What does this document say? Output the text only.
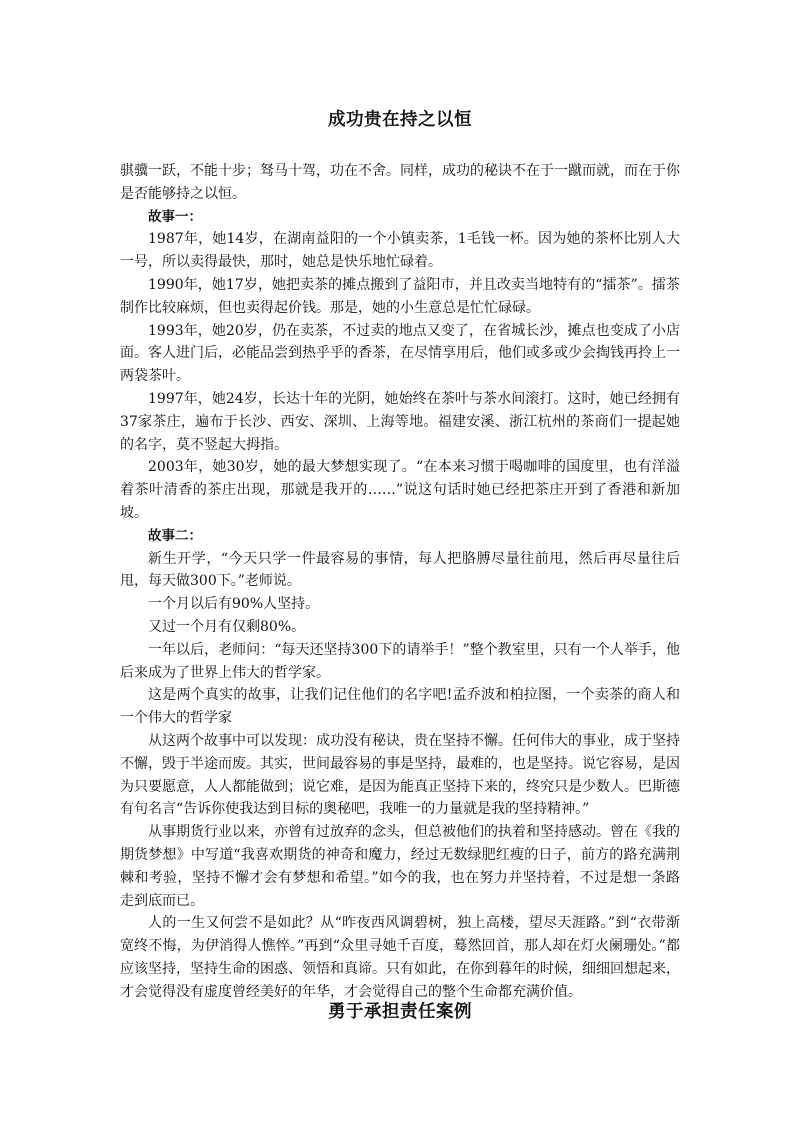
成功贵在持之以恒

骐骥一跃，不能十步；驽马十驾，功在不舍。同样，成功的秘诀不在于一蹴而就，而在于你是否能够持之以恒。

故事一：

1987年，她14岁，在湖南益阳的一个小镇卖茶，1毛钱一杯。因为她的茶杯比别人大一号，所以卖得最快，那时，她总是快乐地忙碌着。

1990年，她17岁，她把卖茶的摊点搬到了益阳市，并且改卖当地特有的“擂茶”。擂茶制作比较麻烦，但也卖得起价钱。那是，她的小生意总是忙忙碌碌。

1993年，她20岁，仍在卖茶，不过卖的地点又变了，在省城长沙，摊点也变成了小店面。客人进门后，必能品尝到热乎乎的香茶，在尽情享用后，他们或多或少会掏钱再拎上一两袋茶叶。

1997年，她24岁，长达十年的光阴，她始终在茶叶与茶水间滚打。这时，她已经拥有37家茶庄，遍布于长沙、西安、深圳、上海等地。福建安溪、浙江杭州的茶商们一提起她的名字，莫不竖起大拇指。

2003年，她30岁，她的最大梦想实现了。“在本来习惯于喝咖啡的国度里，也有洋溢着茶叶清香的茶庄出现，那就是我开的……”说这句话时她已经把茶庄开到了香港和新加坡。

故事二：

新生开学，“今天只学一件最容易的事情，每人把胳膊尽量往前甩，然后再尽量往后甩，每天做300下。”老师说。

一个月以后有90%人坚持。

又过一个月有仅剩80%。

一年以后，老师问：“每天还坚持300下的请举手！”整个教室里，只有一个人举手，他后来成为了世界上伟大的哲学家。

这是两个真实的故事，让我们记住他们的名字吧!孟乔波和柏拉图，一个卖茶的商人和一个伟大的哲学家

从这两个故事中可以发现：成功没有秘诀，贵在坚持不懈。任何伟大的事业，成于坚持不懈，毁于半途而废。其实，世间最容易的事是坚持，最难的，也是坚持。说它容易，是因为只要愿意，人人都能做到；说它难，是因为能真正坚持下来的，终究只是少数人。巴斯德有句名言“告诉你使我达到目标的奥秘吧，我唯一的力量就是我的坚持精神。”

从事期货行业以来，亦曾有过放弃的念头，但总被他们的执着和坚持感动。曾在《我的期货梦想》中写道“我喜欢期货的神奇和魔力，经过无数绿肥红瘦的日子，前方的路充满荆棘和考验，坚持不懈才会有梦想和希望。”如今的我，也在努力并坚持着，不过是想一条路走到底而已。

人的一生又何尝不是如此？从“昨夜西风调碧树，独上高楼，望尽天涯路。”到“衣带渐宽终不悔，为伊消得人憔悴。”再到“众里寻她千百度，蓦然回首，那人却在灯火阑珊处。”都应该坚持，坚持生命的困惑、领悟和真谛。只有如此，在你到暮年的时候，细细回想起来，才会觉得没有虚度曾经美好的年华，才会觉得自己的整个生命都充满价值。

勇于承担责任案例
